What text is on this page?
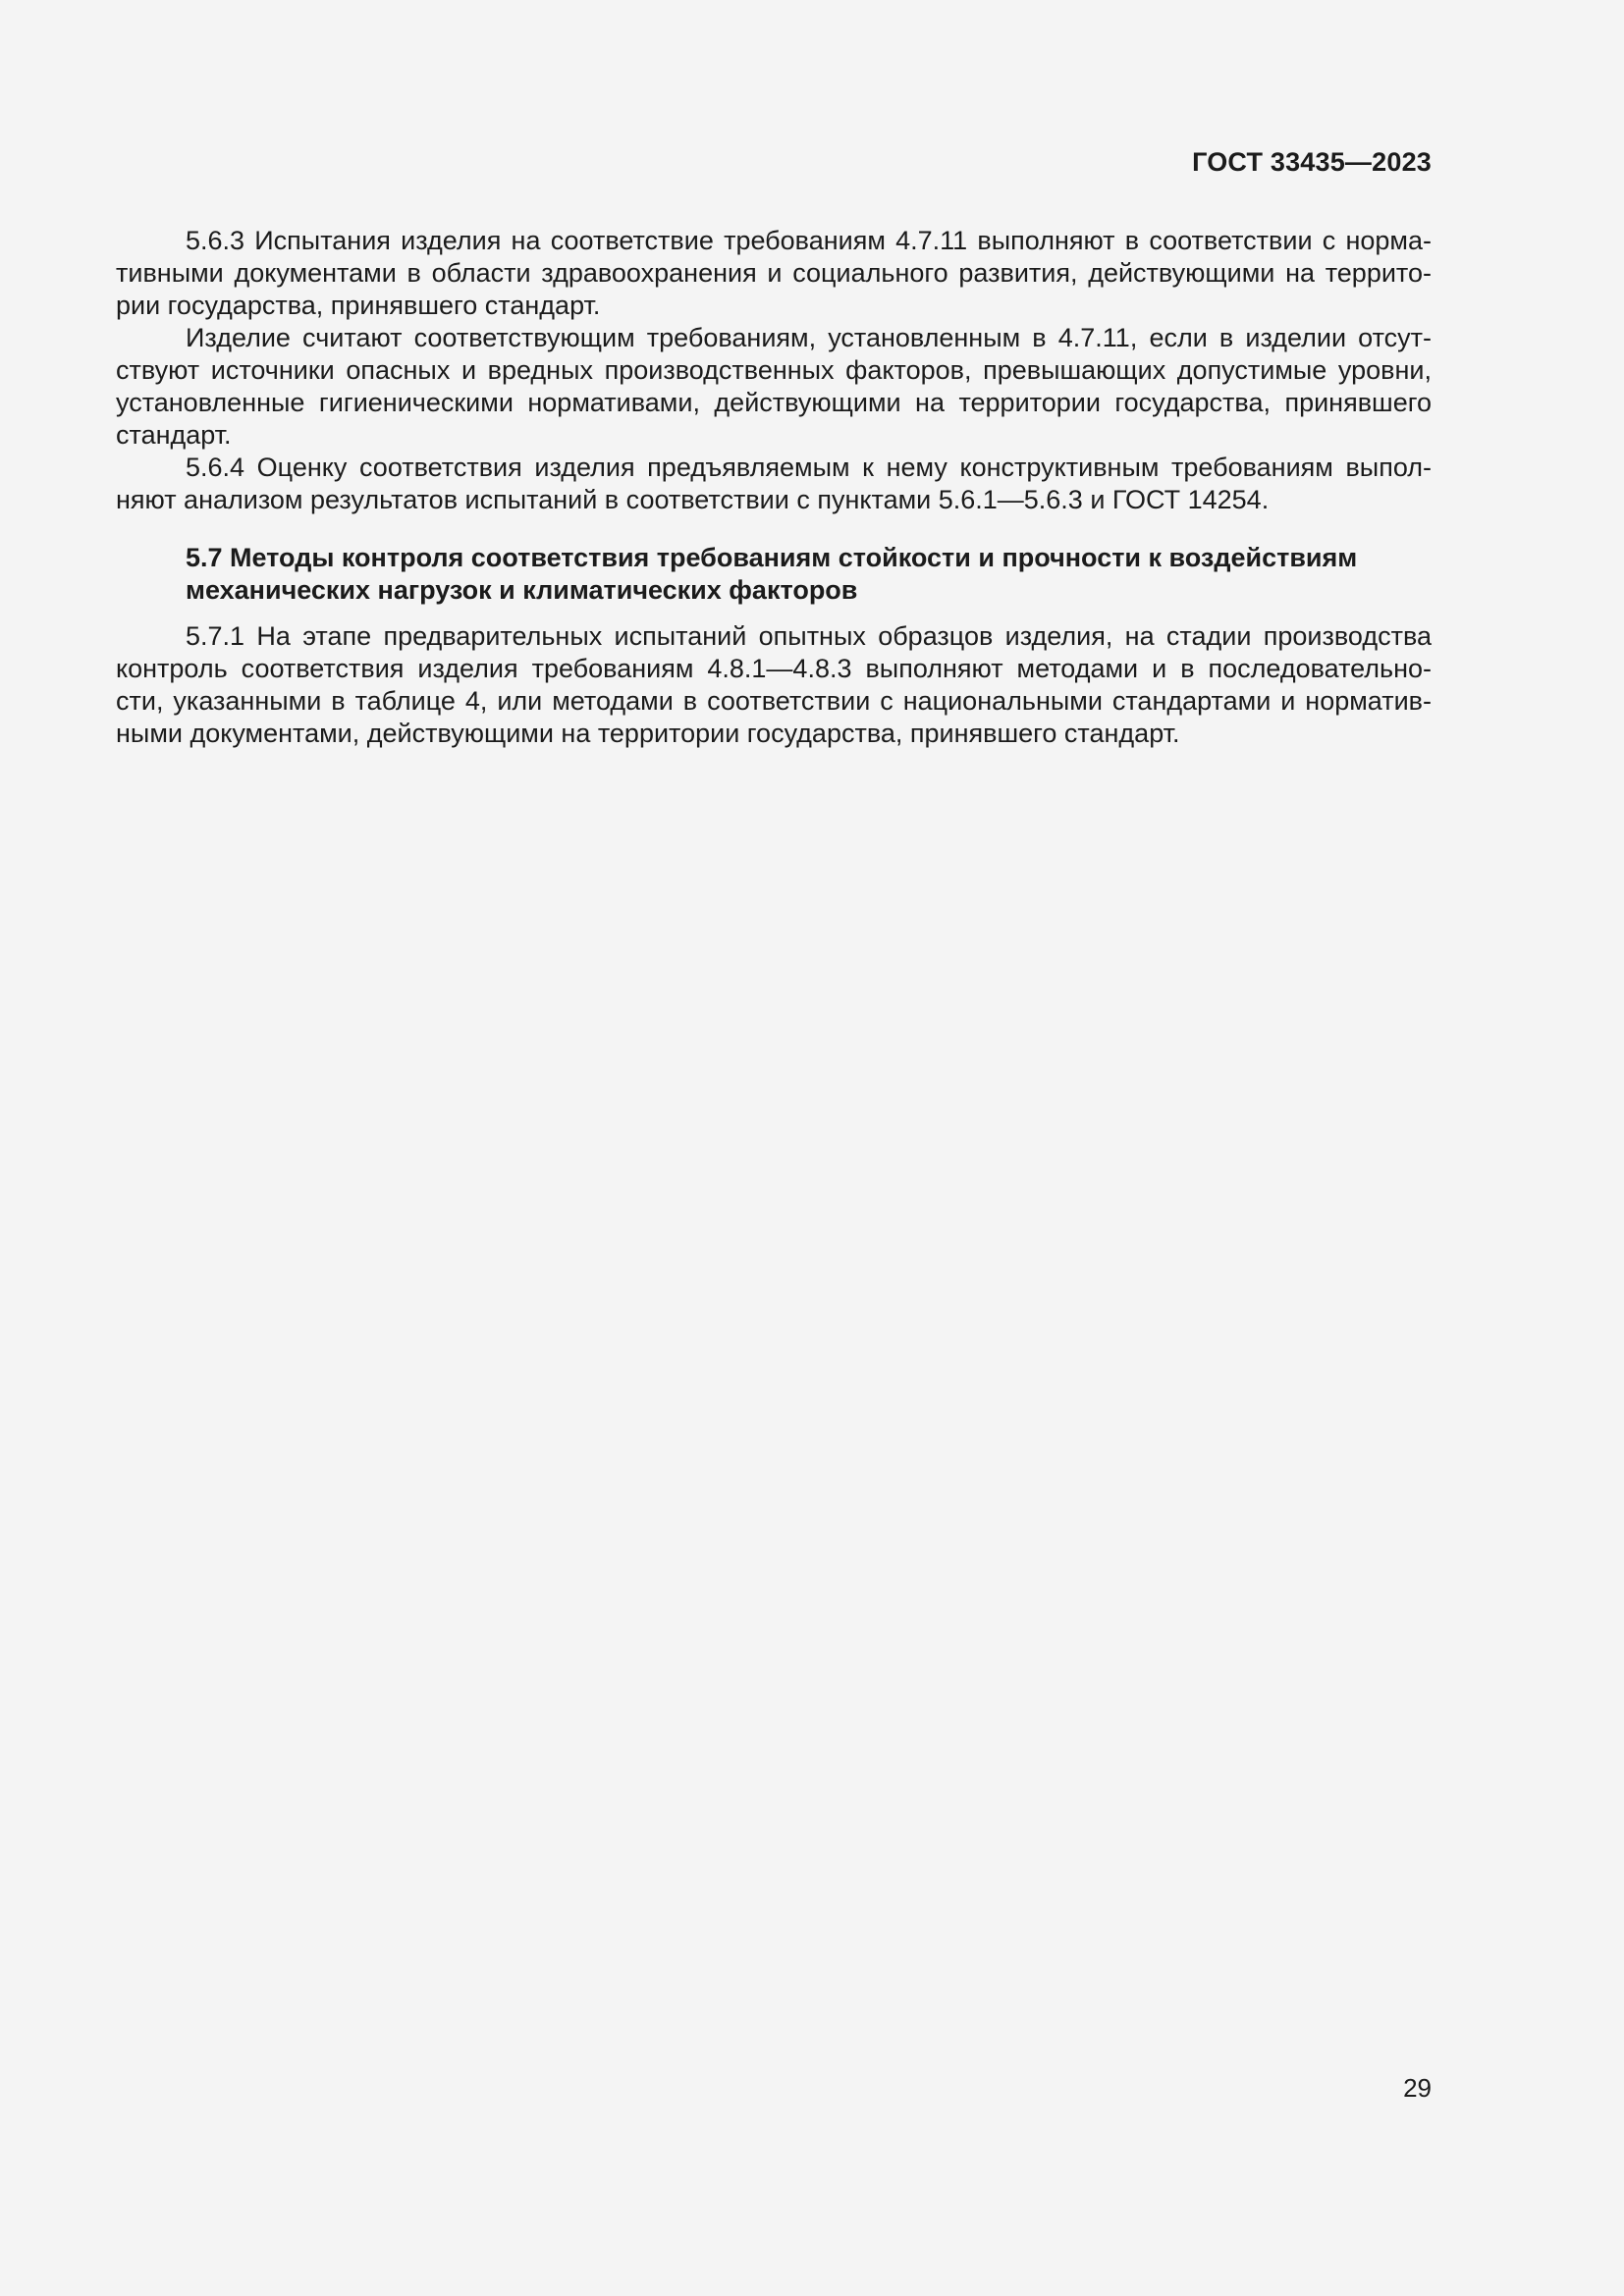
ГОСТ 33435—2023

5.6.3 Испытания изделия на соответствие требованиям 4.7.11 выполняют в соответствии с норма-
тивными документами в области здравоохранения и социального развития, действующими на террито-
рии государства, принявшего стандарт.

Изделие считают соответствующим требованиям, установленным в 4.7.11, если в изделии отсут-
ствуют источники опасных и вредных производственных факторов, превышающих допустимые уровни,
установленные гигиеническими нормативами, действующими на территории государства, принявшего
стандарт.

5.6.4 Оценку соответствия изделия предъявляемым к нему конструктивным требованиям выпол-
няют анализом результатов испытаний в соответствии с пунктами 5.6.1—5.6.3 и ГОСТ 14254.

5.7 Методы контроля соответствия требованиям стойкости и прочности к воздействиям
механических нагрузок и климатических факторов

5.7.1 На этапе предварительных испытаний опытных образцов изделия, на стадии производства
контроль соответствия изделия требованиям 4.8.1—4.8.3 выполняют методами и в последовательно-
сти, указанными в таблице 4, или методами в соответствии с национальными стандартами и норматив-
ными документами, действующими на территории государства, принявшего стандарт.

29
